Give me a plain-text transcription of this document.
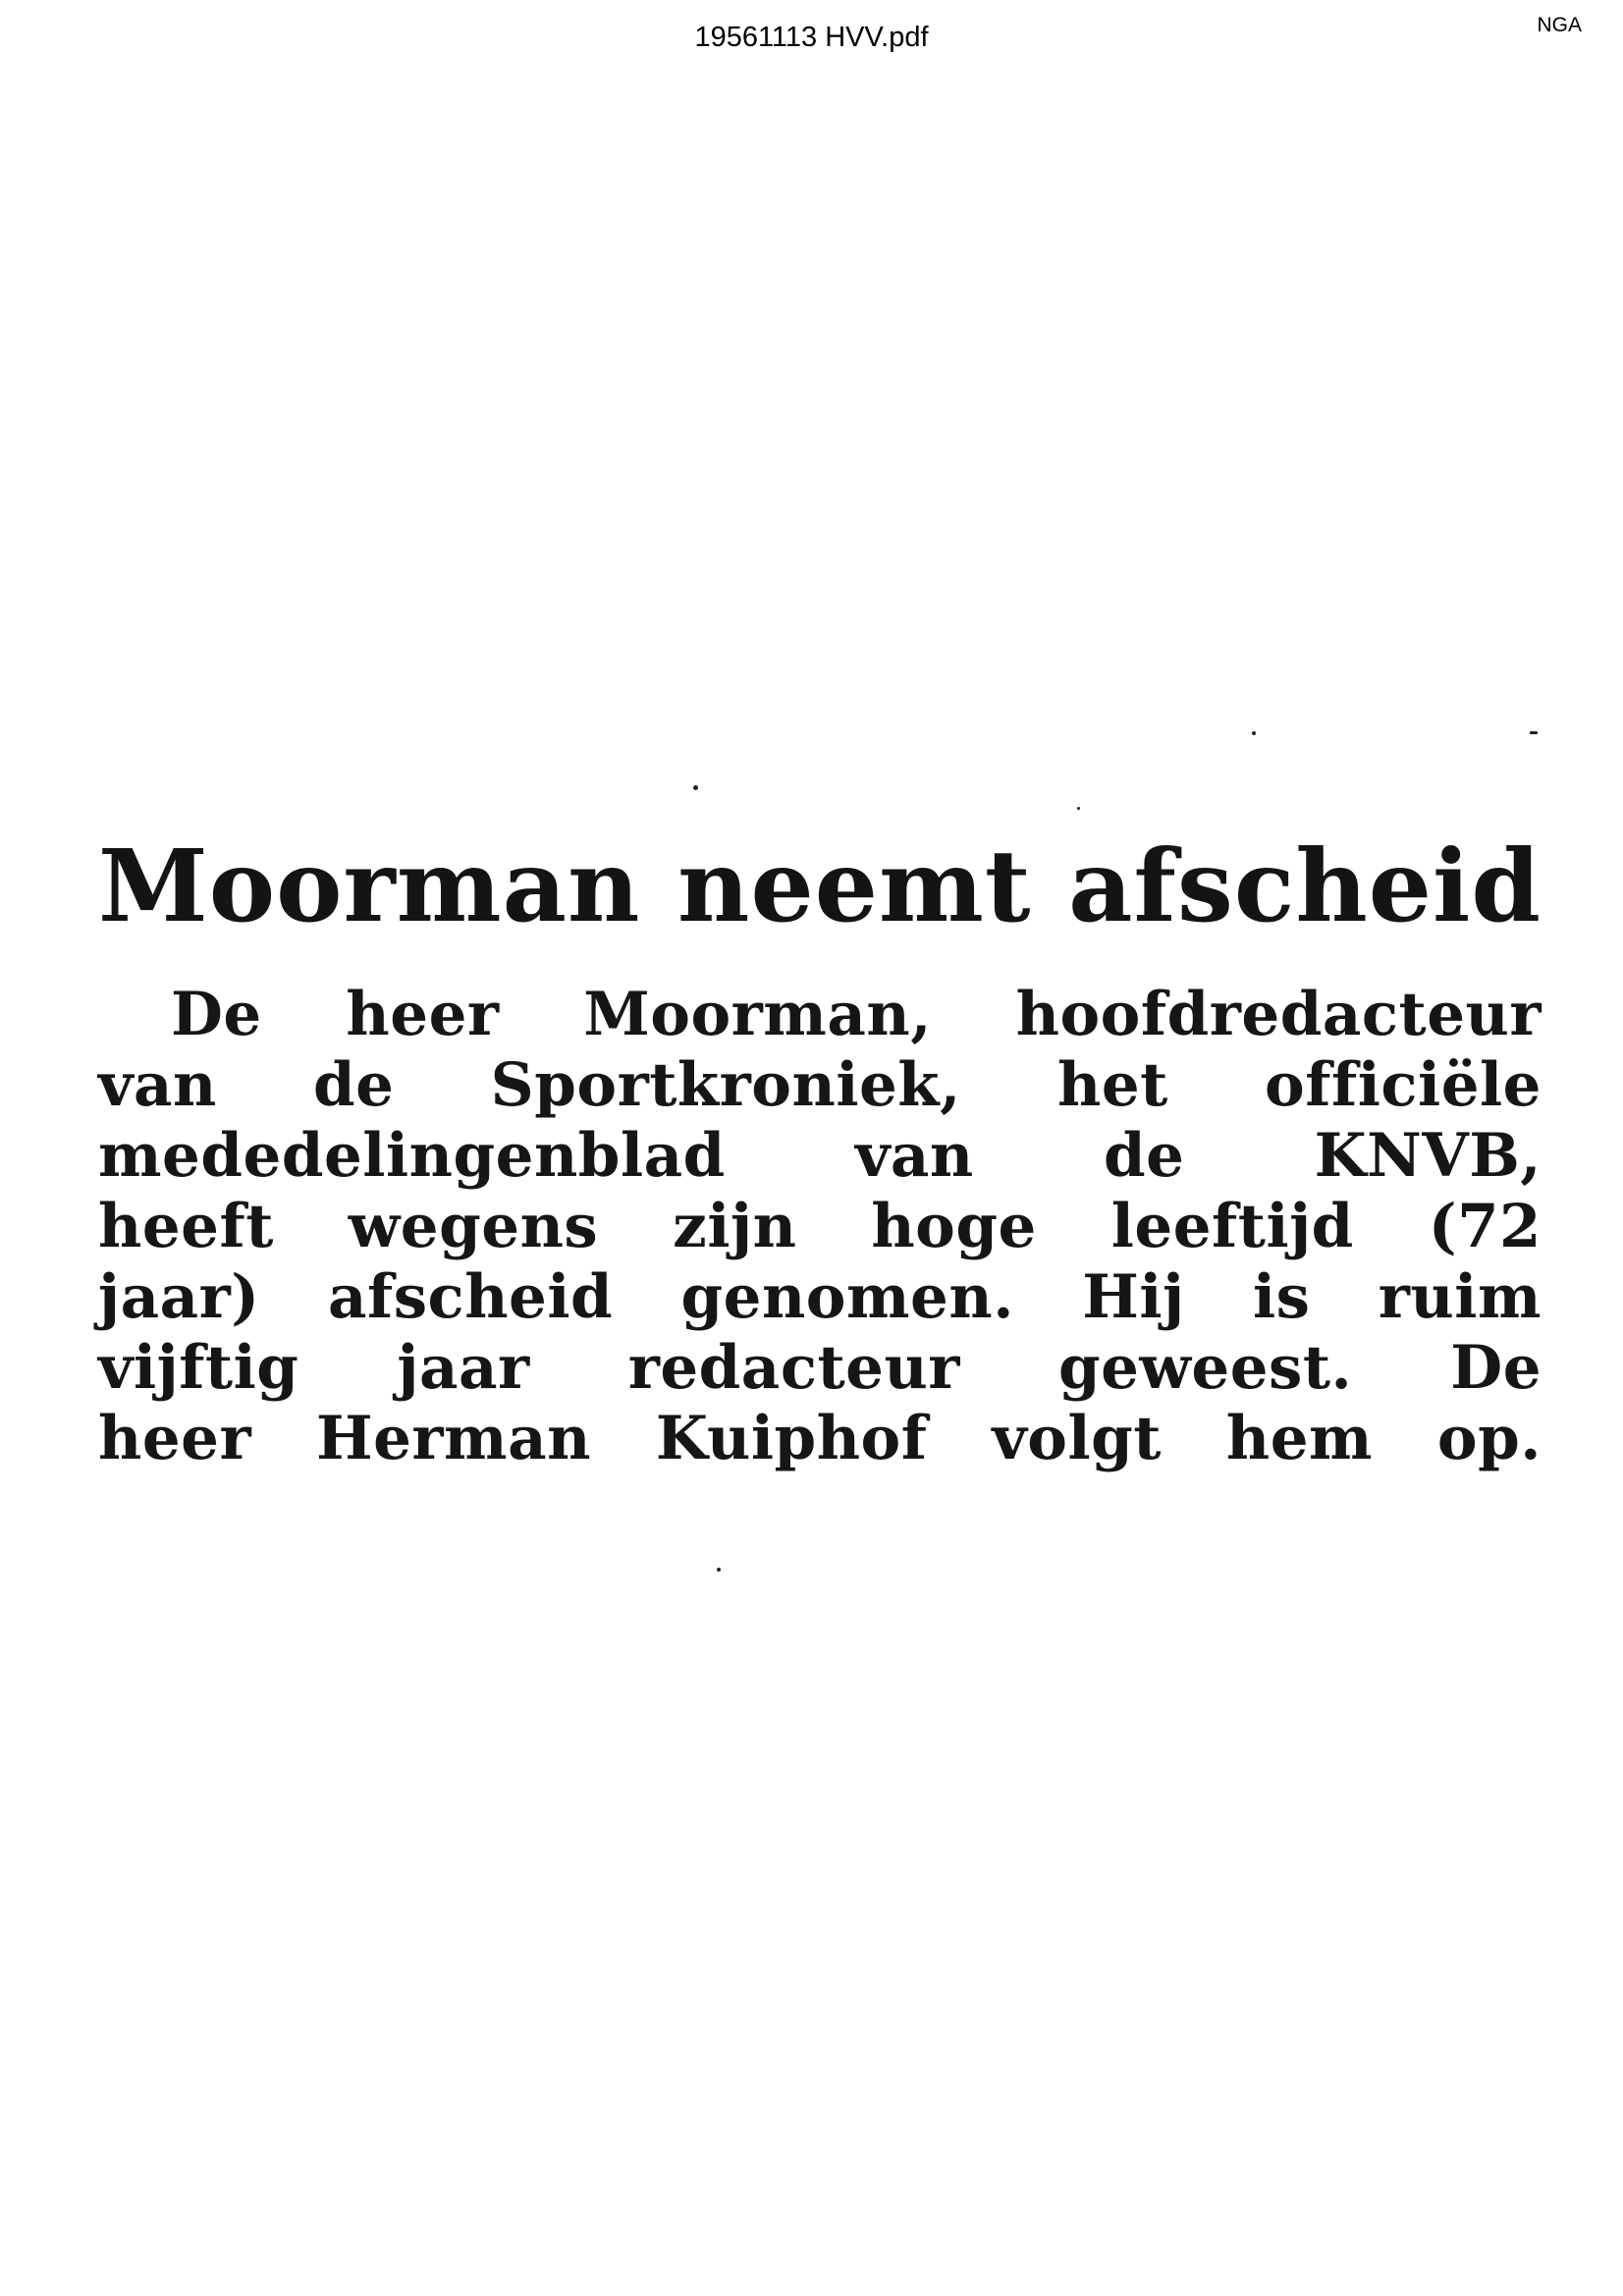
19561113 HVV.pdf	NGA
Moorman neemt afscheid
De heer Moorman, hoofdredacteur
van de Sportkroniek, het officiële
mededelingenblad van de KNVB,
heeft wegens zijn hoge leeftijd (72
jaar) afscheid genomen. Hij is ruim
vijftig jaar redacteur geweest. De
heer Herman Kuiphof volgt hem op.
